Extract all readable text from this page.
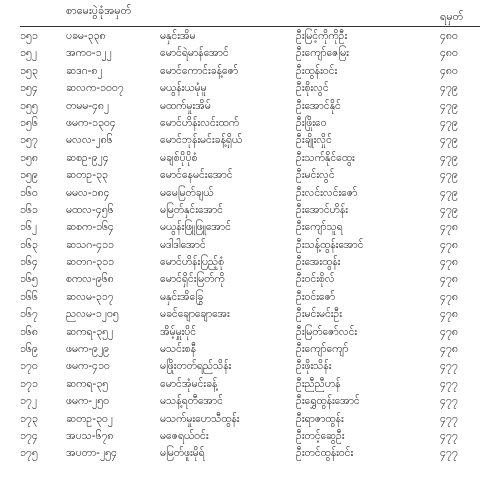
စာမေးပွဲခုံအမှတ်	ရမှတ်
၁၅၁	ပခမ-၃၃၈	မနှင်းအိမ	ဦးမြင့်ကိုကိုဦး	၄၈၀
၁၅၂	အကဝ-၁၂၂	မောင်ရဲမာန်အောင်	ဦးကျော်ဇေမြး	၄၈၀
၁၅၃	ဆဒဂ-၈၂	မောင်ကောင်းခန့်ဇော်	ဦးထွန်းဝင်း	၄၈၀
၁၅၄	ဆလက-၁၀၀၇	မယွန်းယမုံမူ	ဦးစိုးလွင်	၄၇၉
၁၅၅	တမမ-၄၈၂	မထက်မှုးအိမ်	ဦးအောင်နိုင်	၄၇၉
၁၅၆	ဖမက-၁၃၀၄	မောင်ဟိန်းလင်းထက်	ဦးဖြိုးဝေ	၄၇၉
၁၅၇	မလလ-၂၈၆	မောင်ဘုန်းမင်းခန့်ရှိယ်	ဦးချိုးလှိုင်	၄၇၉
၁၅၈	ဆစဥ-၉၂၄	မချစ်ပိုပိုစံ	ဦးသက်နိုင်ထွေး	၄၇၉
၁၅၉	ဆတဥ-၃၃	မောင်နေမင်းအောင်	ဦးမင်းလွင်	၄၇၉
၁၆၀	မမလ-၁၈၄	မမေမြတ်ချယ်	ဦးလင်းလင်းဇော်	၄၇၉
၁၆၁	မထလ-၄၅၆	မမြတ်နှင်းအောင်	ဦးအောင်ဟိန်း	၄၇၉
၁၆၂	ဆစက-၁၆၄	မယွန်းဖြူဖြူအောင်	ဦးကျော်သူရ	၄၇၈
၁၆၃	ဆသဂ-၄၁၁	မဒါဒါအောင်	ဦးသန့်ထွန်းအောင်	၄၇၈
၁၆၄	ဆတဂ-၃၁၁	မောင်ဟိန်းပြည့်စုံ	ဦးအေးထွန်း	၄၇၈
၁၆၅	စကလ-၉၆၈	မောင်ရှိင်းမြတ်ကို	ဦးဝင်းစိုလ်	၄၇၈
၁၆၆	ဆလမ-၃၁၇	မနှင်းအိခြွေ	ဦးဝင်းဇော်	၄၇၈
၁၆၇	ညလမ-၁၂၀၅	မခင်ချောချောအေး	ဦးမင်းမင်းဦး	၄၇၈
၁၆၈	ဆကရ-၃၅၂	အိမ့်မှူးပိုင်	ဦးမြတ်ဇော်လင်း	၄၇၈
၁၆၉	ဖမက-၉၂၉	မသင်းစနီ	ဦးကျော်ကျော်	၄၇၈
၁၇၀	ဖမက-၄၁၀	မဖြိုးတတ်ရည်သိန်း	ဦးဖိုးသိန်း	၄၇၇
၁၇၁	ဆကရ-၃၅	မောင်အုံမင်းခန့်	ဦးညီညီဟန်	၄၇၇
၁၇၂	ဖမက-၂၅၀	မသန့်ရတီအောင်	ဦးရွှေထွန်းအောင်	၄၇၇
၁၇၃	ဆတဥ-၃၀၂	မသက်မှုးဟေသီထွန်း	ဦးရာဇာထွန်း	၄၇၇
၁၇၄	အပသ-၆၇၈	မဇေရယ်ဝင်း	ဦးတင့်ဆွေဦး	၄၇၇
၁၇၅	အပတာ-၂၅၄	မမြတ်ဖူးမိုရ်	ဦးတင်ထွန်းဝင်း	၄၇၇
